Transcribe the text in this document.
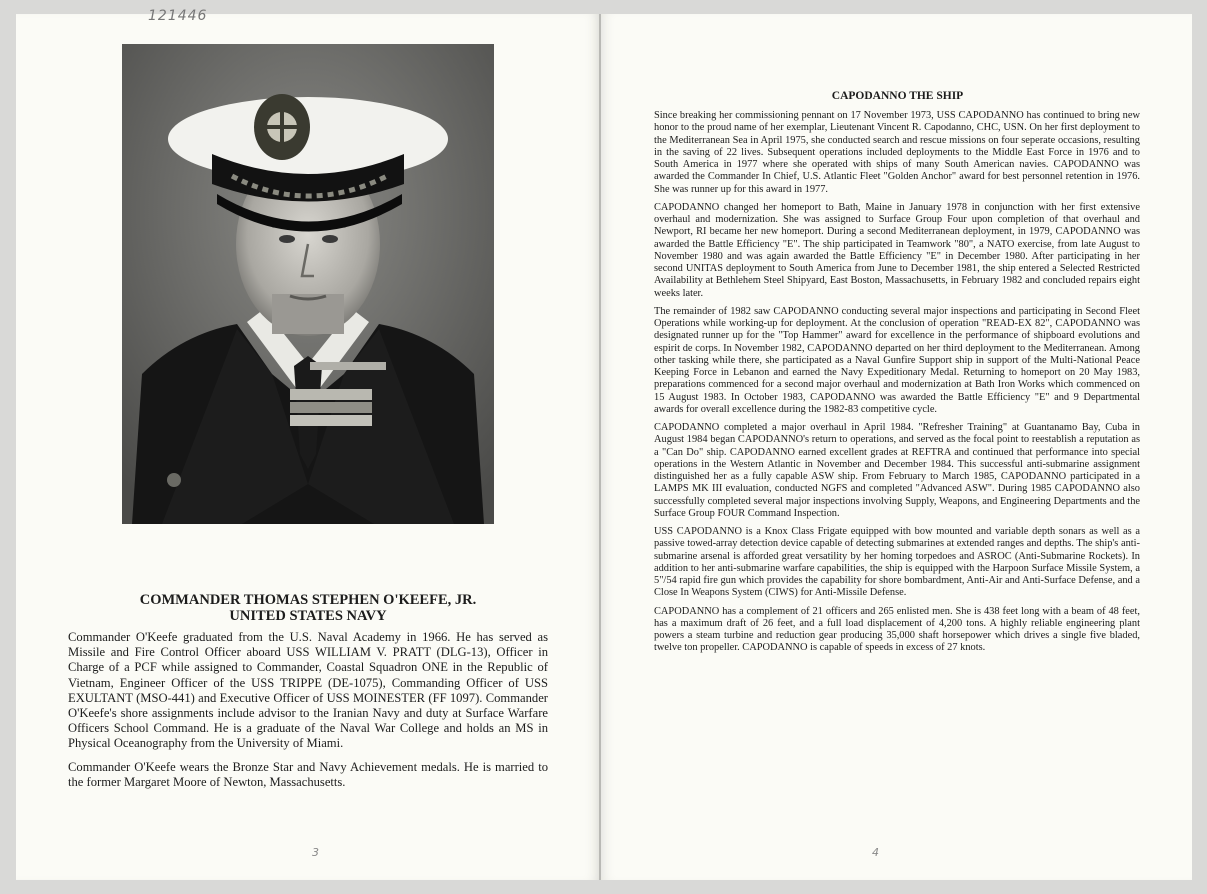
121446
COMMANDER THOMAS STEPHEN O'KEEFE, JR.
UNITED STATES NAVY

Commander O'Keefe graduated from the U.S. Naval Academy in 1966. He has served as Missile and Fire Control Officer aboard USS WILLIAM V. PRATT (DLG-13), Officer in Charge of a PCF while assigned to Commander, Coastal Squadron ONE in the Republic of Vietnam, Engineer Officer of the USS TRIPPE (DE-1075), Commanding Officer of USS EXULTANT (MSO-441) and Executive Officer of USS MOINESTER (FF 1097). Commander O'Keefe's shore assignments include advisor to the Iranian Navy and duty at Surface Warfare Officers School Command. He is a graduate of the Naval War College and holds an MS in Physical Oceanography from the University of Miami.

Commander O'Keefe wears the Bronze Star and Navy Achievement medals. He is married to the former Margaret Moore of Newton, Massachusetts.

3
CAPODANNO THE SHIP

Since breaking her commissioning pennant on 17 November 1973, USS CAPODANNO has continued to bring new honor to the proud name of her exemplar, Lieutenant Vincent R. Capodanno, CHC, USN. On her first deployment to the Mediterranean Sea in April 1975, she conducted search and rescue missions on four seperate occasions, resulting in the saving of 22 lives. Subsequent operations included deployments to the Middle East Force in 1976 and to South America in 1977 where she operated with ships of many South American navies. CAPODANNO was awarded the Commander In Chief, U.S. Atlantic Fleet "Golden Anchor" award for best personnel retention in 1976. She was runner up for this award in 1977.

CAPODANNO changed her homeport to Bath, Maine in January 1978 in conjunction with her first extensive overhaul and modernization. She was assigned to Surface Group Four upon completion of that overhaul and Newport, RI became her new homeport. During a second Mediterranean deployment, in 1979, CAPODANNO was awarded the Battle Efficiency "E". The ship participated in Teamwork "80", a NATO exercise, from late August to November 1980 and was again awarded the Battle Efficiency "E" in December 1980. After participating in her second UNITAS deployment to South America from June to December 1981, the ship entered a Selected Restricted Availability at Bethlehem Steel Shipyard, East Boston, Massachusetts, in February 1982 and concluded repairs eight weeks later.

The remainder of 1982 saw CAPODANNO conducting several major inspections and participating in Second Fleet Operations while working-up for deployment. At the conclusion of operation "READ-EX 82", CAPODANNO was designated runner up for the "Top Hammer" award for excellence in the performance of shipboard evolutions and espirit de corps. In November 1982, CAPODANNO departed on her third deployment to the Mediterranean. Among other tasking while there, she participated as a Naval Gunfire Support ship in support of the Multi-National Peace Keeping Force in Lebanon and earned the Navy Expeditionary Medal. Returning to homeport on 20 May 1983, preparations commenced for a second major overhaul and modernization at Bath Iron Works which commenced on 15 August 1983. In October 1983, CAPODANNO was awarded the Battle Efficiency "E" and 9 Departmental awards for overall excellence during the 1982-83 competitive cycle.

CAPODANNO completed a major overhaul in April 1984. "Refresher Training" at Guantanamo Bay, Cuba in August 1984 began CAPODANNO's return to operations, and served as the focal point to reestablish a reputation as a "Can Do" ship. CAPODANNO earned excellent grades at REFTRA and continued that performance into special operations in the Western Atlantic in November and December 1984. This successful anti-submarine assignment distinguished her as a fully capable ASW ship. From February to March 1985, CAPODANNO participated in a LAMPS MK III evaluation, conducted NGFS and completed "Advanced ASW". During 1985 CAPODANNO also successfully completed several major inspections involving Supply, Weapons, and Engineering Departments and the Surface Group FOUR Command Inspection.

USS CAPODANNO is a Knox Class Frigate equipped with bow mounted and variable depth sonars as well as a passive towed-array detection device capable of detecting submarines at extended ranges and depths. The ship's anti-submarine arsenal is afforded great versatility by her homing torpedoes and ASROC (Anti-Submarine Rockets). In addition to her anti-submarine warfare capabilities, the ship is equipped with the Harpoon Surface Missile System, a 5"/54 rapid fire gun which provides the capability for shore bombardment, Anti-Air and Anti-Surface Defense, and a Close In Weapons System (CIWS) for Anti-Missile Defense.

CAPODANNO has a complement of 21 officers and 265 enlisted men. She is 438 feet long with a beam of 48 feet, has a maximum draft of 26 feet, and a full load displacement of 4,200 tons. A highly reliable engineering plant powers a steam turbine and reduction gear producing 35,000 shaft horsepower which drives a single five bladed, twelve ton propeller. CAPODANNO is capable of speeds in excess of 27 knots.

4
